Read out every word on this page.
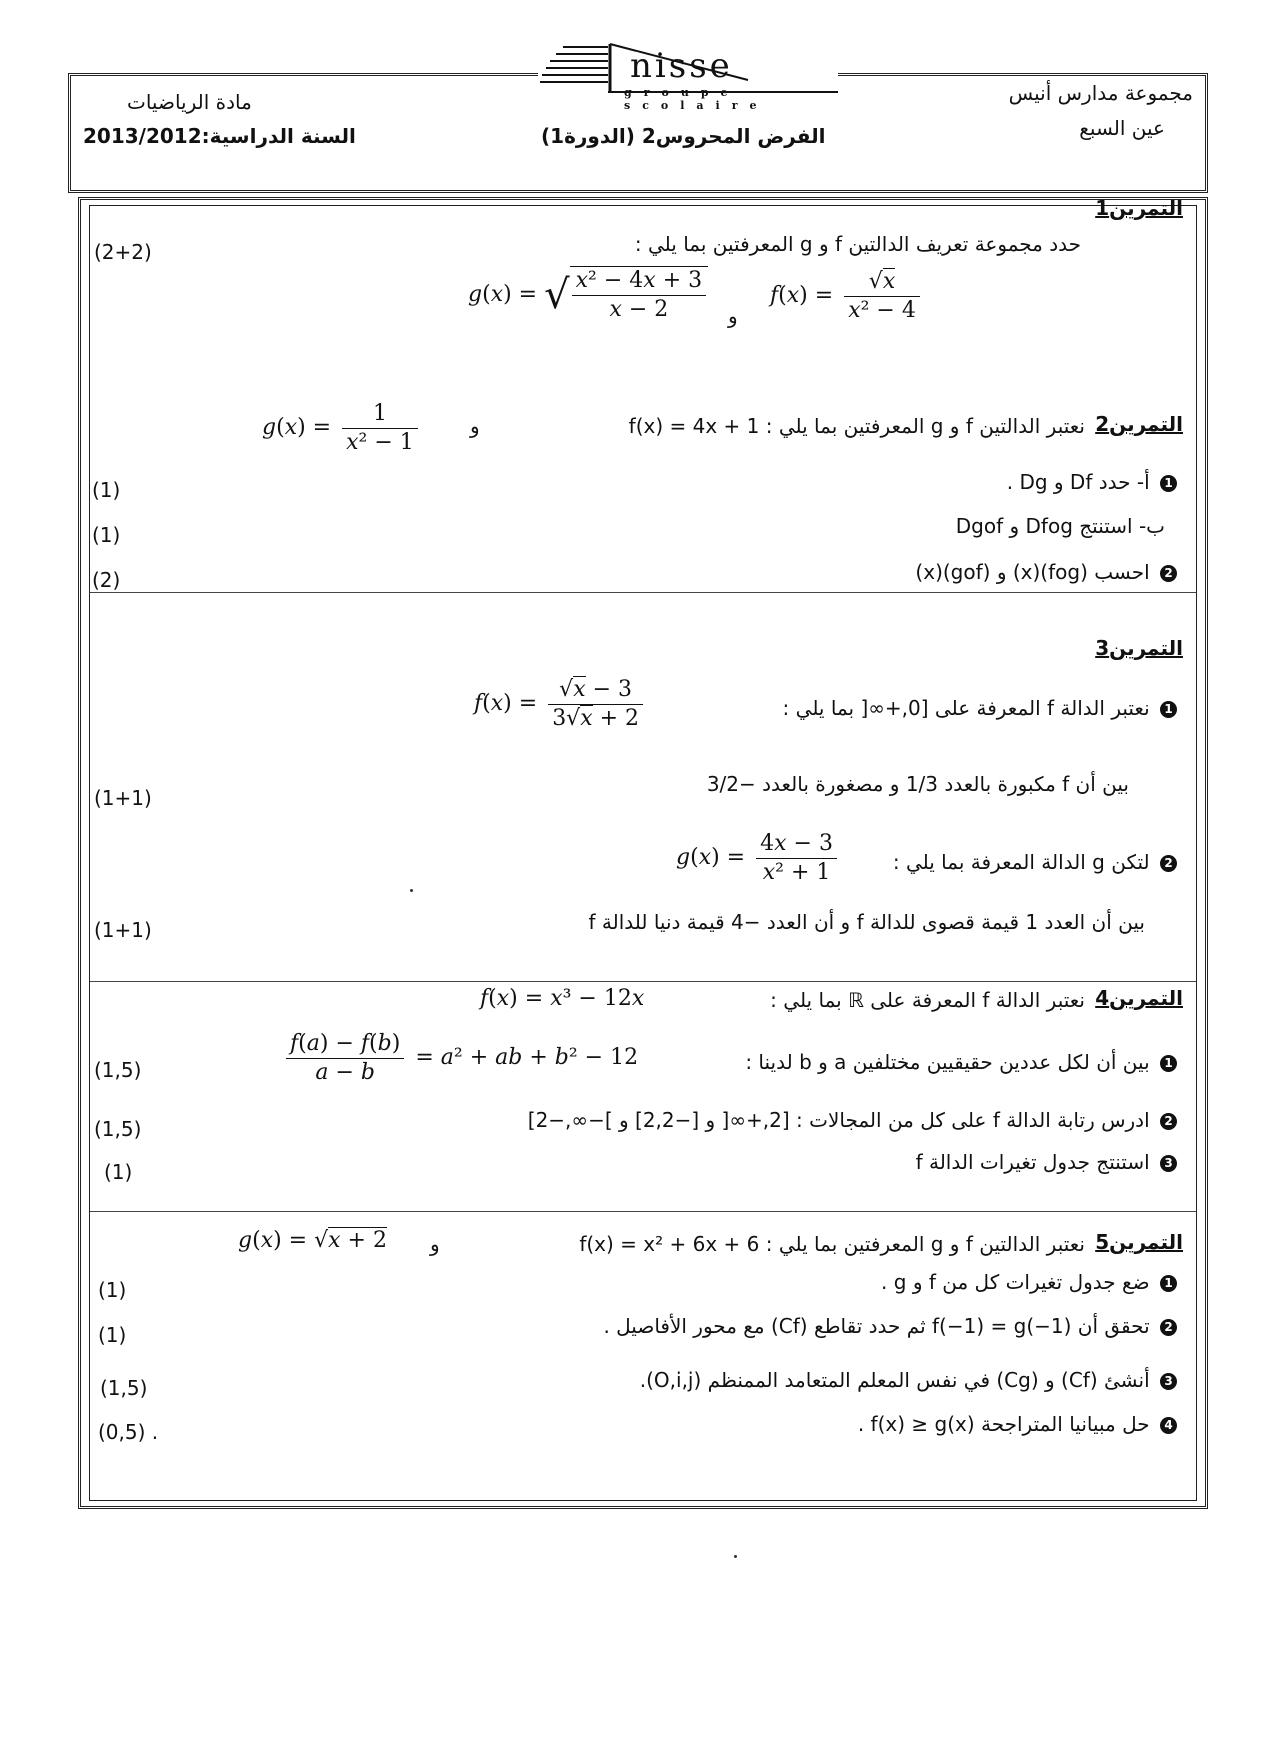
مجموعة مدارس أنيس
عين السبع
مادة الرياضيات
السنة الدراسية:2013/2012	الفرض المحروس2 (الدورة1)
nisse
groupe scolaire
التمرين1
(2+2)	حدد مجموعة تعريف الدالتين f و g المعرفتين بما يلي :
g(x) = √ $\frac{\text{x² − 4x + 3}}{x - 2}$ و
$f(x) = \frac{√x}{\text{x² − 4}}$
التمرين2
نعتبر الدالتين f و g المعرفتين بما يلي : f(x) = 4x + 1
و
$g(x) = \frac{1}{\text{x² − 1}}$
(1)	1 أ- حدد Df و Dg .
(1)	ب- استنتج Dfog و Dgof
(2)	2 احسب (fog)(x) و (gof)(x)
التمرين3
1 نعتبر الدالة f المعرفة على [0,+∞[ بما يلي :
$f(x) = \frac{√x - 3}{3√x + 2}$
(1+1)
بين أن f مكبورة بالعدد 1/3 و مصغورة بالعدد −3/2
2 لتكن g الدالة المعرفة بما يلي :
$g(x) = \frac{4x - 3}{\text{x² + 1}}$
(1+1)	بين أن العدد 1 قيمة قصوى للدالة f و أن العدد −4 قيمة دنيا للدالة f
التمرين4
نعتبر الدالة f المعرفة على ℝ بما يلي :
f(x) = x³ − 12x
(1,5)	1 بين أن لكل عددين حقيقيين مختلفين a و b لدينا :
$\frac{f(a) - f(b)}{a - b} = a^2$ + ab + b² − 12
(1,5)	2 ادرس رتابة الدالة f على كل من المجالات : [2,+∞[ و [−2,2] و ]−∞,−2]
(1)	3 استنتج جدول تغيرات الدالة f
التمرين5
نعتبر الدالتين f و g المعرفتين بما يلي : f(x) = x² + 6x + 6
و
g(x) = √x + 2
(1)	1 ضع جدول تغيرات كل من f و g .
(1)	2 تحقق أن f(−1) = g(−1) ثم حدد تقاطع (Cf) مع محور الأفاصيل .
(1,5)	3 أنشئ (Cf) و (Cg) في نفس المعلم المتعامد الممنظم (O,i,j).
(0,5) .	4 حل مبيانيا المتراجحة f(x) ≥ g(x) .
